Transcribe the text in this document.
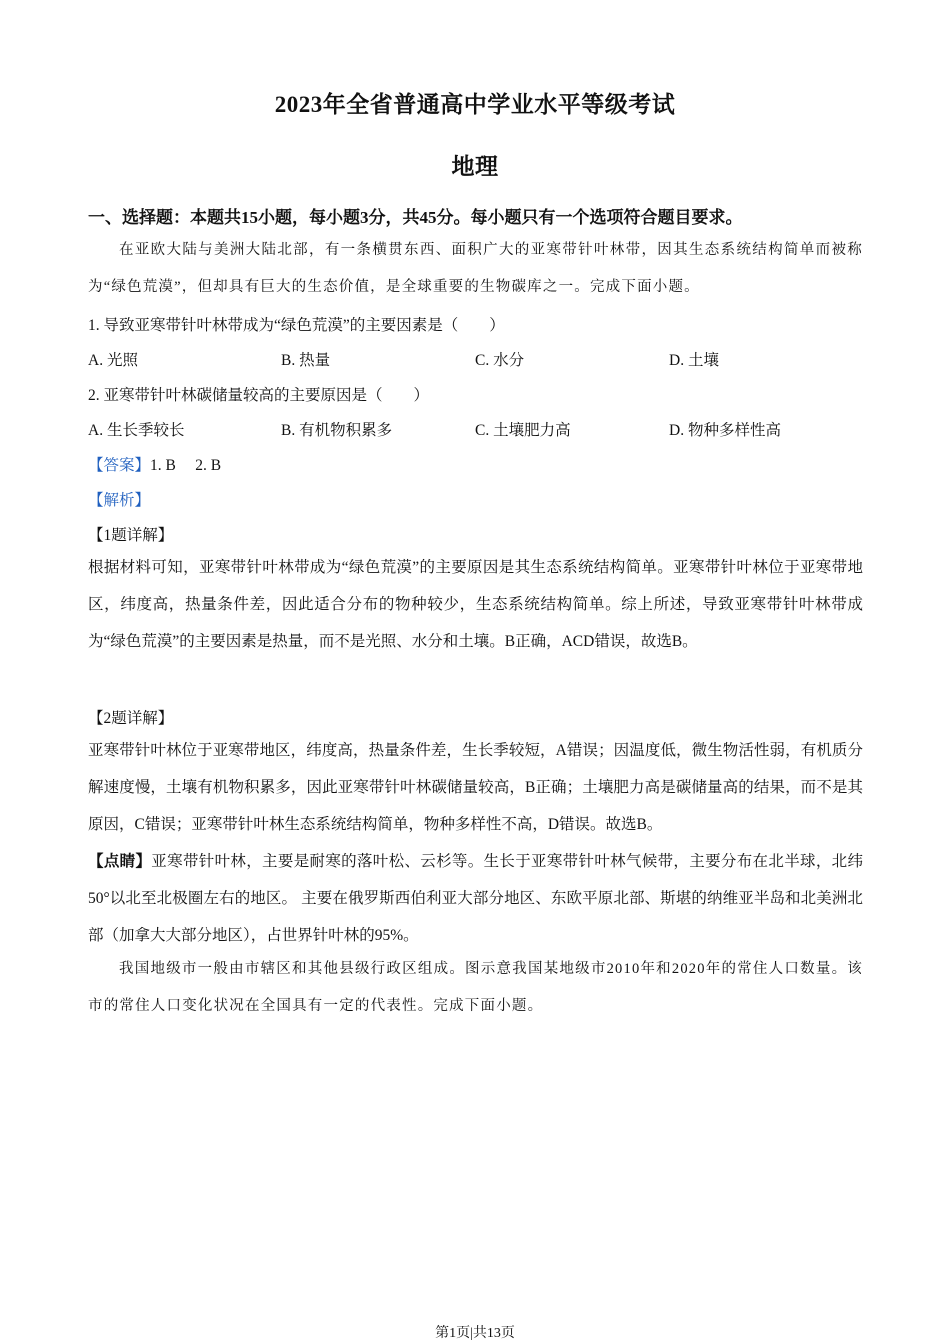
2023年全省普通高中学业水平等级考试
地理
一、选择题：本题共15小题，每小题3分，共45分。每小题只有一个选项符合题目要求。
在亚欧大陆与美洲大陆北部，有一条横贯东西、面积广大的亚寒带针叶林带，因其生态系统结构简单而被称为“绿色荒漠”，但却具有巨大的生态价值，是全球重要的生物碳库之一。完成下面小题。
1. 导致亚寒带针叶林带成为“绿色荒漠”的主要因素是（　　）
A. 光照	B. 热量	C. 水分	D. 土壤
2. 亚寒带针叶林碳储量较高的主要原因是（　　）
A. 生长季较长	B. 有机物积累多	C. 土壤肥力高	D. 物种多样性高
【答案】1. B　 2. B
【解析】
【1题详解】
根据材料可知，亚寒带针叶林带成为“绿色荒漠”的主要原因是其生态系统结构简单。亚寒带针叶林位于亚寒带地区，纬度高，热量条件差，因此适合分布的物种较少，生态系统结构简单。综上所述，导致亚寒带针叶林带成为“绿色荒漠”的主要因素是热量，而不是光照、水分和土壤。B正确，ACD错误，故选B。
【2题详解】
亚寒带针叶林位于亚寒带地区，纬度高，热量条件差，生长季较短，A错误；因温度低，微生物活性弱，有机质分解速度慢，土壤有机物积累多，因此亚寒带针叶林碳储量较高，B正确；土壤肥力高是碳储量高的结果，而不是其原因，C错误；亚寒带针叶林生态系统结构简单，物种多样性不高，D错误。故选B。
【点睛】亚寒带针叶林，主要是耐寒的落叶松、云杉等。生长于亚寒带针叶林气候带，主要分布在北半球，北纬50°以北至北极圈左右的地区。 主要在俄罗斯西伯利亚大部分地区、东欧平原北部、斯堪的纳维亚半岛和北美洲北部（加拿大大部分地区），占世界针叶林的95%。
我国地级市一般由市辖区和其他县级行政区组成。图示意我国某地级市2010年和2020年的常住人口数量。该市的常住人口变化状况在全国具有一定的代表性。完成下面小题。
第1页|共13页
